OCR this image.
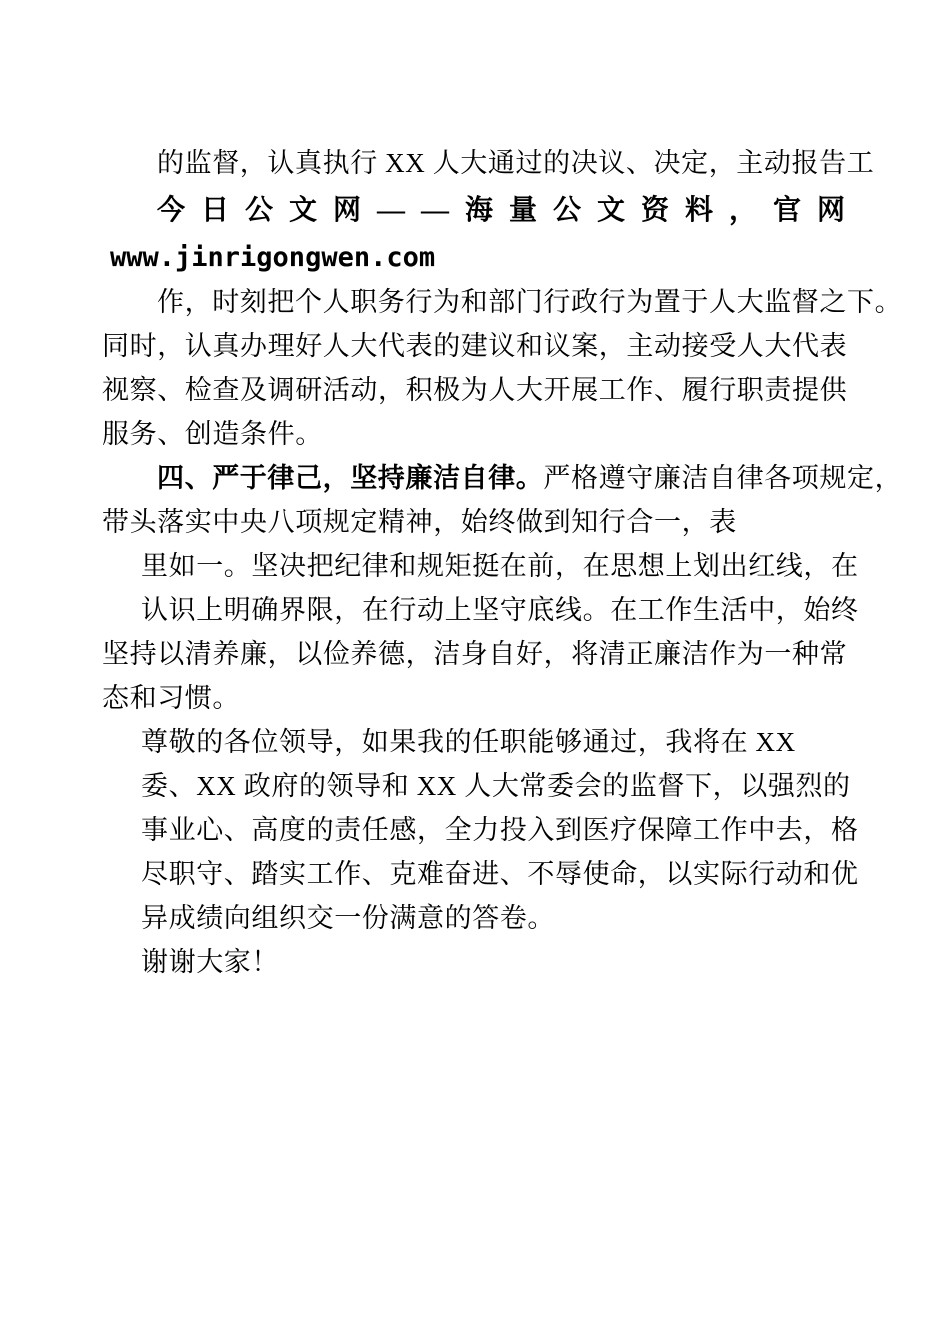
的监督，认真执行 XX 人大通过的决议、决定，主动报告工
今日公文网——海量公文资料，官网
www.jinrigongwen.com
作，时刻把个人职务行为和部门行政行为置于人大监督之下。
同时，认真办理好人大代表的建议和议案，主动接受人大代表
视察、检查及调研活动，积极为人大开展工作、履行职责提供
服务、创造条件。
四、严于律己，坚持廉洁自律。严格遵守廉洁自律各项规定，
带头落实中央八项规定精神，始终做到知行合一，表
里如一。坚决把纪律和规矩挺在前，在思想上划出红线，在
认识上明确界限，在行动上坚守底线。在工作生活中，始终
坚持以清养廉，以俭养德，洁身自好，将清正廉洁作为一种常
态和习惯。
尊敬的各位领导，如果我的任职能够通过，我将在 XX
委、XX 政府的领导和 XX 人大常委会的监督下，以强烈的
事业心、高度的责任感，全力投入到医疗保障工作中去，格
尽职守、踏实工作、克难奋进、不辱使命，以实际行动和优
异成绩向组织交一份满意的答卷。
谢谢大家！
